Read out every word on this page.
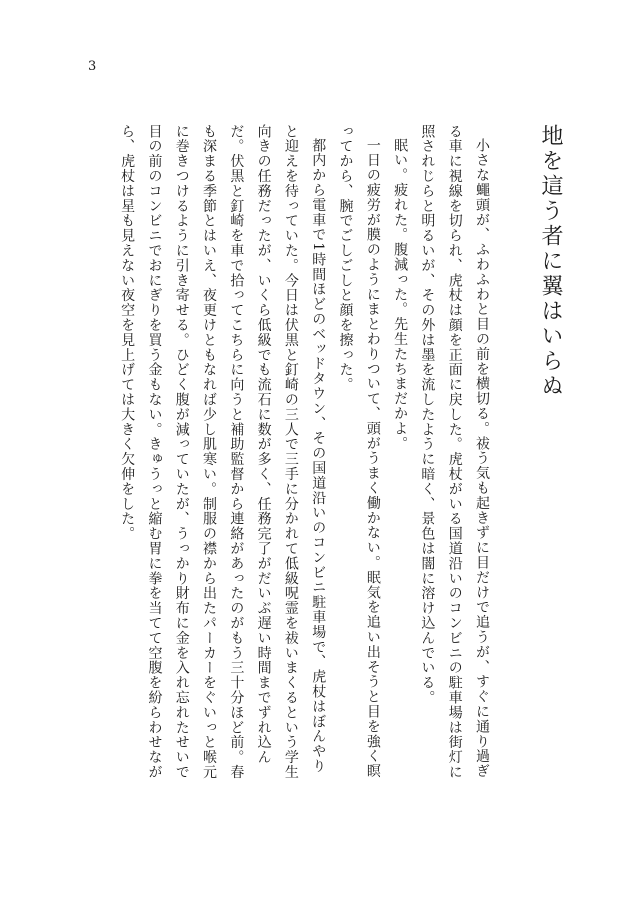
3
地を這う者に翼はいらぬ

小さな蠅頭が、ふわふわと目の前を横切る。祓う気も起きずに目だけで追うが、すぐに通り過ぎる車に視線を切られ、虎杖は顔を正面に戻した。虎杖がいる国道沿いのコンビニの駐車場は街灯に照されじらと明るいが、その外は墨を流したように暗く、景色は闇に溶け込んでいる。

眠い。疲れた。腹減った。先生たちまだかよ。

一日の疲労が膜のようにまとわりついて、頭がうまく働かない。眠気を追い出そうと目を強く瞑ってから、腕でごしごしと顔を擦った。

都内から電車で1時間ほどのベッドタウン、その国道沿いのコンビニ駐車場で、虎杖はぼんやりと迎えを待っていた。今日は伏黒と釘崎の三人で三手に分かれて低級呪霊を祓いまくるという学生向きの任務だったが、いくら低級でも流石に数が多く、任務完了がだいぶ遅い時間までずれ込んだ。伏黒と釘崎を車で拾ってこちらに向うと補助監督から連絡があったのがもう三十分ほど前。春も深まる季節とはいえ、夜更けともなれば少し肌寒い。制服の襟から出たパーカーをぐいっと喉元に巻きつけるように引き寄せる。ひどく腹が減っていたが、うっかり財布に金を入れ忘れたせいで目の前のコンビニでおにぎりを買う金もない。きゅうっと縮む胃に拳を当てて空腹を紛らわせながら、虎杖は星も見えない夜空を見上げては大きく欠伸をした。
